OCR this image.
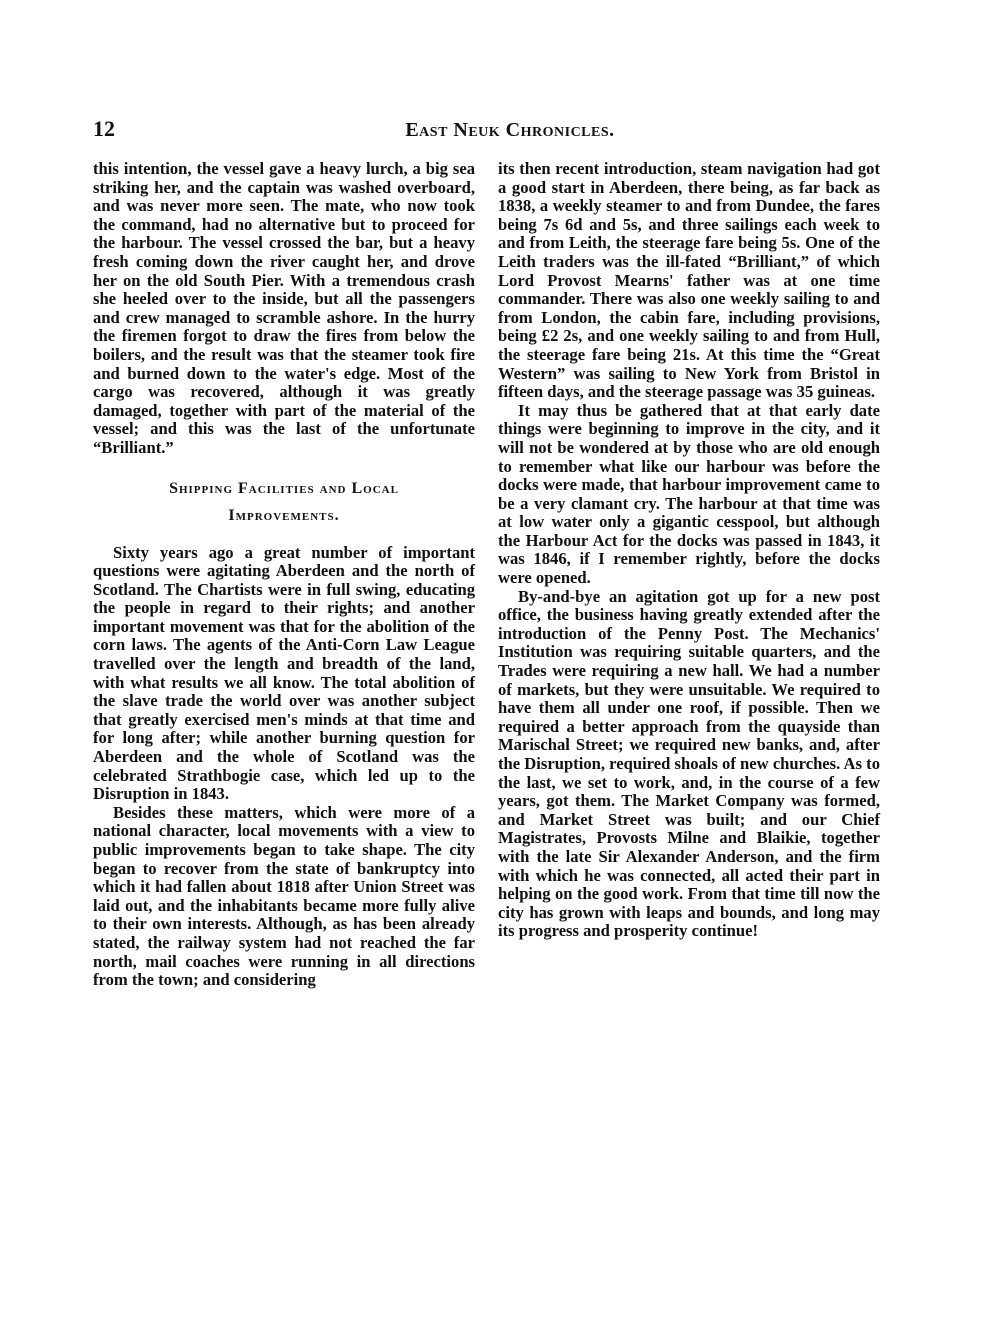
12	East Neuk Chronicles.

this intention, the vessel gave a heavy lurch, a big sea striking her, and the captain was washed overboard, and was never more seen. The mate, who now took the command, had no alternative but to proceed for the harbour. The vessel crossed the bar, but a heavy fresh coming down the river caught her, and drove her on the old South Pier. With a tremendous crash she heeled over to the inside, but all the passengers and crew managed to scramble ashore. In the hurry the firemen forgot to draw the fires from below the boilers, and the result was that the steamer took fire and burned down to the water's edge. Most of the cargo was recovered, although it was greatly damaged, together with part of the material of the vessel; and this was the last of the unfortunate “Brilliant.”

Shipping Facilities and Local
Improvements.

Sixty years ago a great number of important questions were agitating Aberdeen and the north of Scotland. The Chartists were in full swing, educating the people in regard to their rights; and another important movement was that for the abolition of the corn laws. The agents of the Anti-Corn Law League travelled over the length and breadth of the land, with what results we all know. The total abolition of the slave trade the world over was another subject that greatly exercised men's minds at that time and for long after; while another burning question for Aberdeen and the whole of Scotland was the celebrated Strathbogie case, which led up to the Disruption in 1843.

Besides these matters, which were more of a national character, local movements with a view to public improvements began to take shape. The city began to recover from the state of bankruptcy into which it had fallen about 1818 after Union Street was laid out, and the inhabitants became more fully alive to their own interests. Although, as has been already stated, the railway system had not reached the far north, mail coaches were running in all directions from the town; and considering

its then recent introduction, steam navigation had got a good start in Aberdeen, there being, as far back as 1838, a weekly steamer to and from Dundee, the fares being 7s 6d and 5s, and three sailings each week to and from Leith, the steerage fare being 5s. One of the Leith traders was the ill-fated “Brilliant,” of which Lord Provost Mearns' father was at one time commander. There was also one weekly sailing to and from London, the cabin fare, including provisions, being £2 2s, and one weekly sailing to and from Hull, the steerage fare being 21s. At this time the “Great Western” was sailing to New York from Bristol in fifteen days, and the steerage passage was 35 guineas.

It may thus be gathered that at that early date things were beginning to improve in the city, and it will not be wondered at by those who are old enough to remember what like our harbour was before the docks were made, that harbour improvement came to be a very clamant cry. The harbour at that time was at low water only a gigantic cesspool, but although the Harbour Act for the docks was passed in 1843, it was 1846, if I remember rightly, before the docks were opened.

By-and-bye an agitation got up for a new post office, the business having greatly extended after the introduction of the Penny Post. The Mechanics' Institution was requiring suitable quarters, and the Trades were requiring a new hall. We had a number of markets, but they were unsuitable. We required to have them all under one roof, if possible. Then we required a better approach from the quayside than Marischal Street; we required new banks, and, after the Disruption, required shoals of new churches. As to the last, we set to work, and, in the course of a few years, got them. The Market Company was formed, and Market Street was built; and our Chief Magistrates, Provosts Milne and Blaikie, together with the late Sir Alexander Anderson, and the firm with which he was connected, all acted their part in helping on the good work. From that time till now the city has grown with leaps and bounds, and long may its progress and prosperity continue!
